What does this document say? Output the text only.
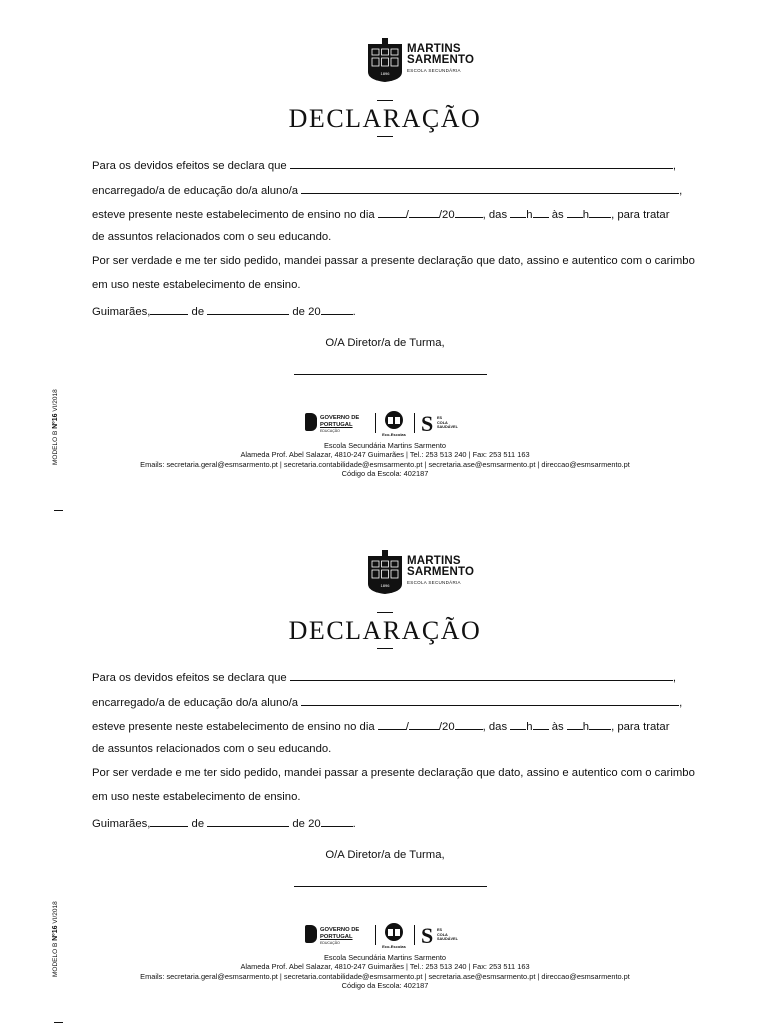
1896
MARTINS
SARMENTO
ESCOLA SECUNDÁRIA
DECLARAÇÃO
Para os devidos efeitos se declara que	,
encarregado/a de educação do/a aluno/a	,
esteve presente neste estabelecimento de ensino no dia	/	/20 , das h às h , para tratar
de assuntos relacionados com o seu educando.
Por ser verdade e me ter sido pedido, mandei passar a presente declaração que dato, assino e autentico com o carimbo
em uso neste estabelecimento de ensino.
Guimarães,	de	de 20	.
O/A Diretor/a de Turma,
MODELO B Nº16 VI/2018
GOVERNO DE
PORTUGAL
EDUCAÇÃO
Eco-Escolas S ES
COLA
SAUDÁVEL
Escola Secundária Martins Sarmento
Alameda Prof. Abel Salazar, 4810-247 Guimarães | Tel.: 253 513 240 | Fax: 253 511 163
Emails: secretaria.geral@esmsarmento.pt | secretaria.contabilidade@esmsarmento.pt | secretaria.ase@esmsarmento.pt | direccao@esmsarmento.pt
Código da Escola: 402187
1896
MARTINS
SARMENTO
ESCOLA SECUNDÁRIA
DECLARAÇÃO
Para os devidos efeitos se declara que	,
encarregado/a de educação do/a aluno/a	,
esteve presente neste estabelecimento de ensino no dia	/	/20 , das h às h , para tratar
de assuntos relacionados com o seu educando.
Por ser verdade e me ter sido pedido, mandei passar a presente declaração que dato, assino e autentico com o carimbo
em uso neste estabelecimento de ensino.
Guimarães,	de	de 20	.
O/A Diretor/a de Turma,
MODELO B Nº16 VI/2018
GOVERNO DE
PORTUGAL
EDUCAÇÃO
Eco-Escolas S ES
COLA
SAUDÁVEL
Escola Secundária Martins Sarmento
Alameda Prof. Abel Salazar, 4810-247 Guimarães | Tel.: 253 513 240 | Fax: 253 511 163
Emails: secretaria.geral@esmsarmento.pt | secretaria.contabilidade@esmsarmento.pt | secretaria.ase@esmsarmento.pt | direccao@esmsarmento.pt
Código da Escola: 402187
